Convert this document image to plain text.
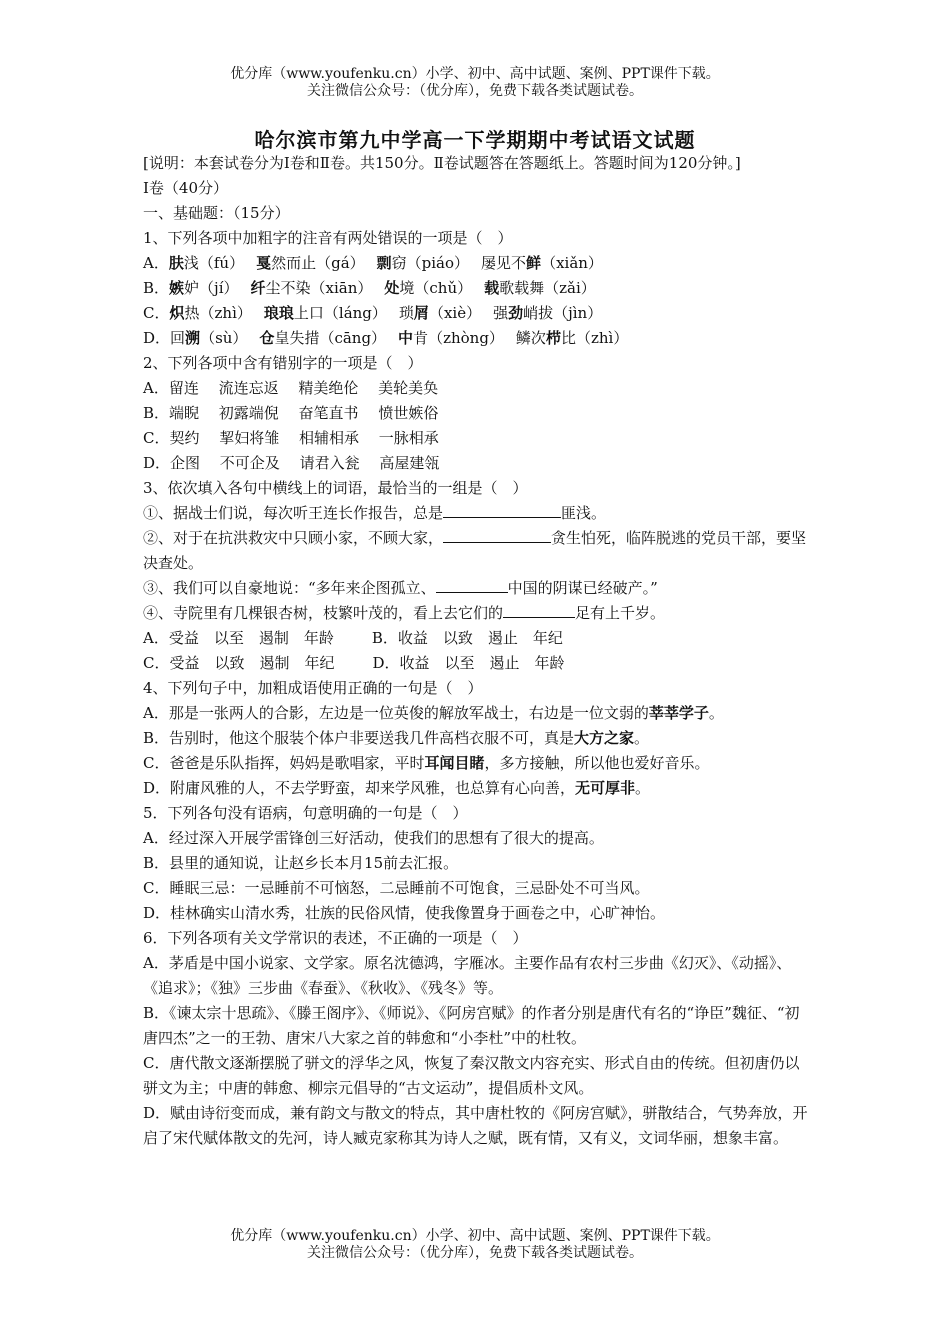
优分库（www.youfenku.cn）小学、初中、高中试题、案例、PPT课件下载。
关注微信公众号：（优分库），免费下载各类试题试卷。
哈尔滨市第九中学高一下学期期中考试语文试题

[说明：本套试卷分为Ⅰ卷和Ⅱ卷。共150分。Ⅱ卷试题答在答题纸上。答题时间为120分钟。]

Ⅰ卷（40分）

一、基础题：（15分）

1、下列各项中加粗字的注音有两处错误的一项是（　）

A．肤浅（fú） 戛然而止（gá） 剽窃（piáo） 屡见不鲜（xiǎn）

B．嫉妒（jí） 纤尘不染（xiān） 处境（chǔ） 载歌载舞（zǎi）

C．炽热（zhì） 琅琅上口（láng） 琐屑（xiè） 强劲峭拔（jìn）

D．回溯（sù） 仓皇失措（cāng） 中肯（zhòng） 鳞次栉比（zhì）

2、下列各项中含有错别字的一项是（　）

A．留连　 流连忘返　 精美绝伦　 美轮美奂

B．端睨　 初露端倪　 奋笔直书　 愤世嫉俗

C．契约　 挈妇将雏　 相辅相承　 一脉相承

D．企图　 不可企及　 请君入瓮　 高屋建瓴

3、依次填入各句中横线上的词语，最恰当的一组是（　）

①、据战士们说，每次听王连长作报告，总是	匪浅。

②、对于在抗洪救灾中只顾小家，不顾大家，	贪生怕死，临阵脱逃的党员干部，要坚决查处。

③、我们可以自豪地说：“多年来企图孤立、	中国的阴谋已经破产。”

④、寺院里有几棵银杏树，枝繁叶茂的，看上去它们的	足有上千岁。

A．受益　以至　遏制　年龄	B．收益　以致　遏止　年纪

C．受益　以致　遏制　年纪	D．收益　以至　遏止　年龄

4、下列句子中，加粗成语使用正确的一句是（　）

A．那是一张两人的合影，左边是一位英俊的解放军战士，右边是一位文弱的莘莘学子。

B．告别时，他这个服装个体户非要送我几件高档衣服不可，真是大方之家。

C．爸爸是乐队指挥，妈妈是歌唱家，平时耳闻目睹，多方接触，所以他也爱好音乐。

D．附庸风雅的人，不去学野蛮，却来学风雅，也总算有心向善，无可厚非。

5．下列各句没有语病，句意明确的一句是（　）

A．经过深入开展学雷锋创三好活动，使我们的思想有了很大的提高。

B．县里的通知说，让赵乡长本月15前去汇报。

C．睡眠三忌：一忌睡前不可恼怒，二忌睡前不可饱食，三忌卧处不可当风。

D．桂林确实山清水秀，壮族的民俗风情，使我像置身于画卷之中，心旷神怡。

6．下列各项有关文学常识的表述，不正确的一项是（　）

A．茅盾是中国小说家、文学家。原名沈德鸿，字雁冰。主要作品有农村三步曲《幻灭》、《动摇》、《追求》；《独》三步曲《春蚕》、《秋收》、《残冬》等。

B．《谏太宗十思疏》、《滕王阁序》、《师说》、《阿房宫赋》的作者分别是唐代有名的“诤臣”魏征、“初唐四杰”之一的王勃、唐宋八大家之首的韩愈和“小李杜”中的杜牧。

C．唐代散文逐渐摆脱了骈文的浮华之风，恢复了秦汉散文内容充实、形式自由的传统。但初唐仍以骈文为主；中唐的韩愈、柳宗元倡导的“古文运动”，提倡质朴文风。

D．赋由诗衍变而成，兼有韵文与散文的特点，其中唐杜牧的《阿房宫赋》，骈散结合，气势奔放，开启了宋代赋体散文的先河，诗人臧克家称其为诗人之赋，既有情，又有义，文词华丽，想象丰富。

优分库（www.youfenku.cn）小学、初中、高中试题、案例、PPT课件下载。
关注微信公众号：（优分库），免费下载各类试题试卷。
